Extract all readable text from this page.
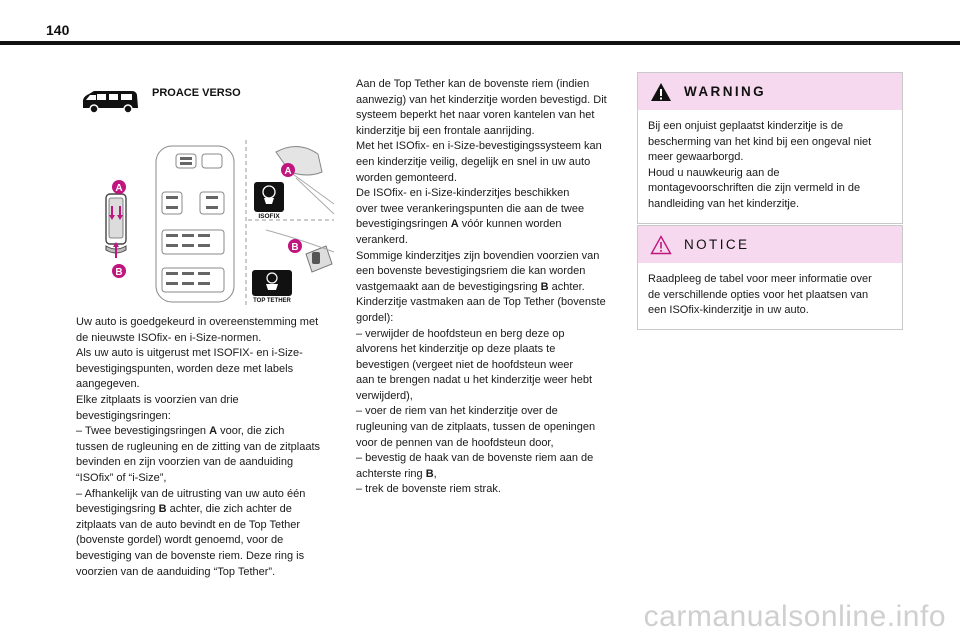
140
PROACE VERSO
A
B
ISOFIX
A
TOP TETHER
B
Uw auto is goedgekeurd in overeenstemming met
de nieuwste ISOfix- en i-Size-normen.
Als uw auto is uitgerust met ISOFIX- en i-Size-
bevestigingspunten, worden deze met labels
aangegeven.
Elke zitplaats is voorzien van drie
bevestigingsringen:
– Twee bevestigingsringen A voor, die zich
tussen de rugleuning en de zitting van de zitplaats
bevinden en zijn voorzien van de aanduiding
“ISOfix” of “i-Size”,
– Afhankelijk van de uitrusting van uw auto één
bevestigingsring B achter, die zich achter de
zitplaats van de auto bevindt en de Top Tether
(bovenste gordel) wordt genoemd, voor de
bevestiging van de bovenste riem. Deze ring is
voorzien van de aanduiding “Top Tether”.
Aan de Top Tether kan de bovenste riem (indien
aanwezig) van het kinderzitje worden bevestigd. Dit
systeem beperkt het naar voren kantelen van het
kinderzitje bij een frontale aanrijding.
Met het ISOfix- en i-Size-bevestigingssysteem kan
een kinderzitje veilig, degelijk en snel in uw auto
worden gemonteerd.
De ISOfix- en i-Size-kinderzitjes beschikken
over twee verankeringspunten die aan de twee
bevestigingsringen A vóór kunnen worden
verankerd.
Sommige kinderzitjes zijn bovendien voorzien van
een bovenste bevestigingsriem die kan worden
vastgemaakt aan de bevestigingsring B achter.
Kinderzitje vastmaken aan de Top Tether (bovenste
gordel):
– verwijder de hoofdsteun en berg deze op
alvorens het kinderzitje op deze plaats te
bevestigen (vergeet niet de hoofdsteun weer
aan te brengen nadat u het kinderzitje weer hebt
verwijderd),
– voer de riem van het kinderzitje over de
rugleuning van de zitplaats, tussen de openingen
voor de pennen van de hoofdsteun door,
– bevestig de haak van de bovenste riem aan de
achterste ring B,
– trek de bovenste riem strak.
WARNING
Bij een onjuist geplaatst kinderzitje is de
bescherming van het kind bij een ongeval niet
meer gewaarborgd.
Houd u nauwkeurig aan de
montagevoorschriften die zijn vermeld in de
handleiding van het kinderzitje.
NOTICE
Raadpleeg de tabel voor meer informatie over
de verschillende opties voor het plaatsen van
een ISOfix-kinderzitje in uw auto.
carmanualsonline.info
